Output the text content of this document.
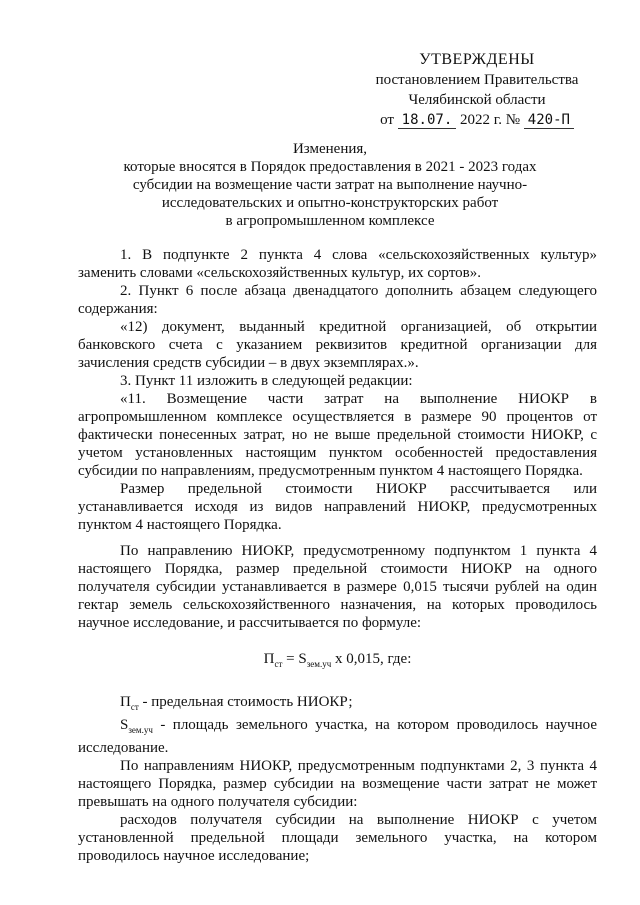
УТВЕРЖДЕНЫ
постановлением Правительства
Челябинской области
от 18.07. 2022 г. № 420-П
Изменения,
которые вносятся в Порядок предоставления в 2021 - 2023 годах
субсидии на возмещение части затрат на выполнение научно-
исследовательских и опытно-конструкторских работ
в агропромышленном комплексе

1. В подпункте 2 пункта 4 слова «сельскохозяйственных культур» заменить словами «сельскохозяйственных культур, их сортов».

2. Пункт 6 после абзаца двенадцатого дополнить абзацем следующего содержания:

«12) документ, выданный кредитной организацией, об открытии банковского счета с указанием реквизитов кредитной организации для зачисления средств субсидии – в двух экземплярах.».

3. Пункт 11 изложить в следующей редакции:

«11. Возмещение части затрат на выполнение НИОКР в агропромышленном комплексе осуществляется в размере 90 процентов от фактически понесенных затрат, но не выше предельной стоимости НИОКР, с учетом установленных настоящим пунктом особенностей предоставления субсидии по направлениям, предусмотренным пунктом 4 настоящего Порядка.

Размер предельной стоимости НИОКР рассчитывается или устанавливается исходя из видов направлений НИОКР, предусмотренных пунктом 4 настоящего Порядка.

По направлению НИОКР, предусмотренному подпунктом 1 пункта 4 настоящего Порядка, размер предельной стоимости НИОКР на одного получателя субсидии устанавливается в размере 0,015 тысячи рублей на один гектар земель сельскохозяйственного назначения, на которых проводилось научное исследование, и рассчитывается по формуле:

$П_{ст} = S_{зем.уч}$ х 0,015, где:

$П_{ст}$ - предельная стоимость НИОКР;

$S_{зем.уч}$ - площадь земельного участка, на котором проводилось научное исследование.

По направлениям НИОКР, предусмотренным подпунктами 2, 3 пункта 4 настоящего Порядка, размер субсидии на возмещение части затрат не может превышать на одного получателя субсидии:

расходов получателя субсидии на выполнение НИОКР с учетом установленной предельной площади земельного участка, на котором проводилось научное исследование;
